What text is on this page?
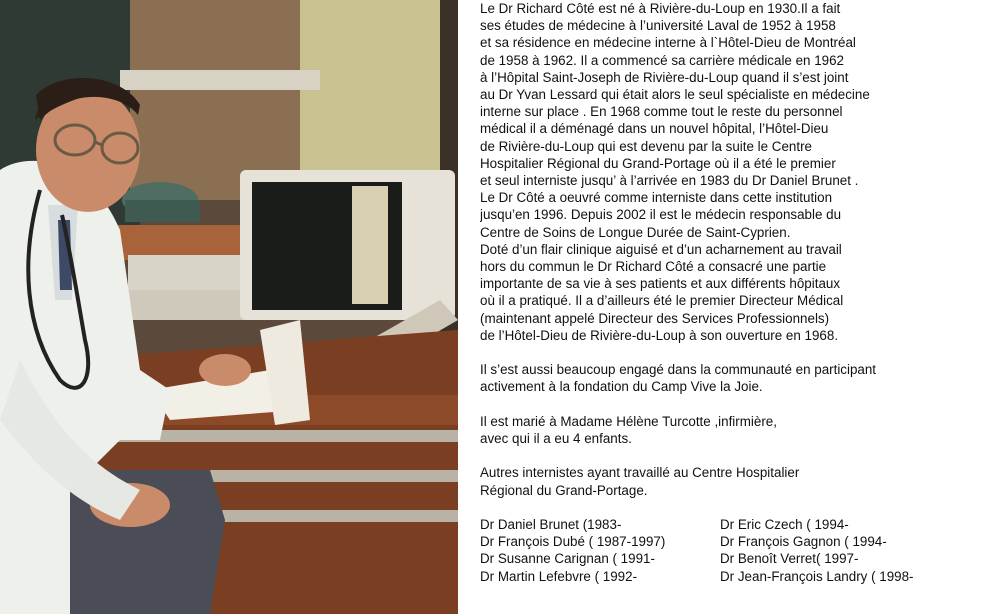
Le Dr Richard Côté est né à Rivière-du-Loup en 1930.Il a fait

ses études de médecine à l’université Laval de 1952 à 1958

et sa résidence en médecine interne à l`Hôtel-Dieu de Montréal

de 1958 à 1962. Il a commencé sa carrière médicale en 1962

à l’Hôpital Saint-Joseph de Rivière-du-Loup quand il s’est joint

au Dr Yvan Lessard qui était alors le seul spécialiste en médecine

interne sur place . En 1968 comme tout le reste du personnel

médical il a déménagé dans un nouvel hôpital, l’Hôtel-Dieu

de Rivière-du-Loup qui est devenu par la suite le Centre

Hospitalier Régional du Grand-Portage où il a été le premier

et seul interniste jusqu’ à l’arrivée en 1983 du Dr Daniel Brunet .

Le Dr Côté a oeuvré comme interniste dans cette institution

jusqu’en 1996. Depuis 2002 il est le médecin responsable du

Centre de Soins de Longue Durée de Saint-Cyprien.

Doté d’un flair clinique aiguisé et d’un acharnement au travail

hors du commun le Dr Richard Côté a consacré une partie

importante de sa vie à ses patients et aux différents hôpitaux

où il a pratiqué. Il a d’ailleurs été le premier Directeur Médical

(maintenant appelé Directeur des Services Professionnels)

de l’Hôtel-Dieu de Rivière-du-Loup à son ouverture en 1968.

Il s’est aussi beaucoup engagé dans la communauté en participant

activement à la fondation du Camp Vive la Joie.

Il est marié à Madame Hélène Turcotte ,infirmière,

avec qui il a eu 4 enfants.

Autres internistes ayant travaillé au Centre Hospitalier

Régional du Grand-Portage.

Dr Daniel Brunet (1983-	Dr Eric Czech ( 1994-
Dr François Dubé ( 1987-1997)	Dr François Gagnon ( 1994-
Dr Susanne Carignan ( 1991-	Dr Benoît Verret( 1997-
Dr Martin Lefebvre ( 1992-	Dr Jean-François Landry ( 1998-
